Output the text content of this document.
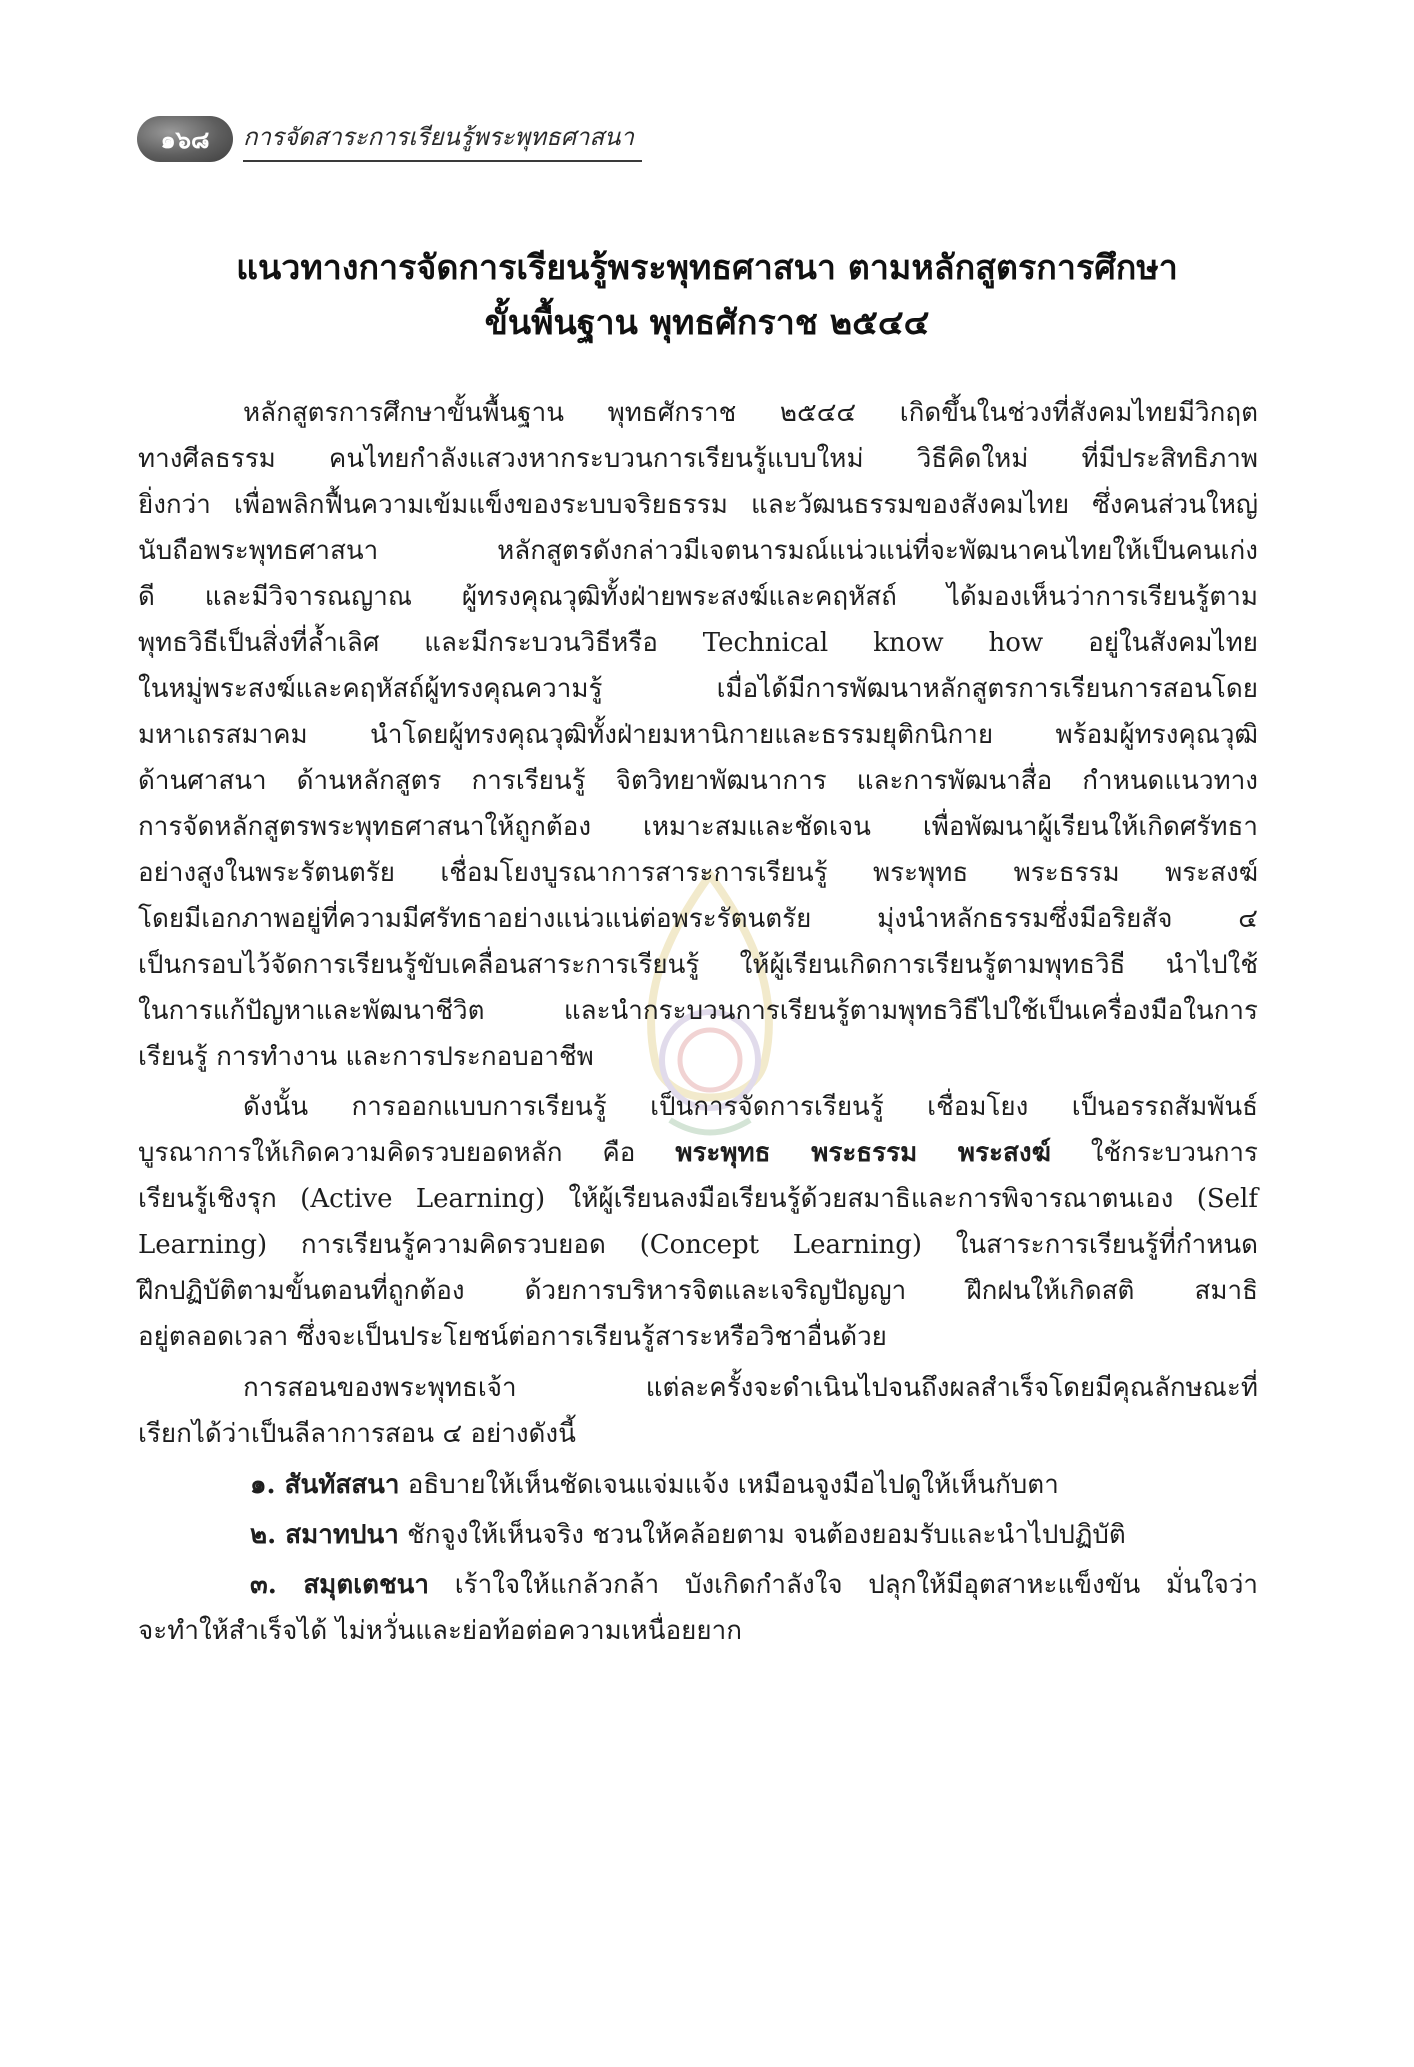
๑๖๘	การจัดสาระการเรียนรู้พระพุทธศาสนา
แนวทางการจัดการเรียนรู้พระพุทธศาสนา ตามหลักสูตรการศึกษา
ขั้นพื้นฐาน พุทธศักราช ๒๕๔๔
หลักสูตรการศึกษาขั้นพื้นฐาน พุทธศักราช ๒๕๔๔ เกิดขึ้นในช่วงที่สังคมไทยมีวิกฤต
ทางศีลธรรม คนไทยกำลังแสวงหากระบวนการเรียนรู้แบบใหม่ วิธีคิดใหม่ ที่มีประสิทธิภาพ
ยิ่งกว่า เพื่อพลิกฟื้นความเข้มแข็งของระบบจริยธรรม และวัฒนธรรมของสังคมไทย ซึ่งคนส่วนใหญ่
นับถือพระพุทธศาสนา หลักสูตรดังกล่าวมีเจตนารมณ์แน่วแน่ที่จะพัฒนาคนไทยให้เป็นคนเก่ง
ดี และมีวิจารณญาณ ผู้ทรงคุณวุฒิทั้งฝ่ายพระสงฆ์และคฤหัสถ์ ได้มองเห็นว่าการเรียนรู้ตาม
พุทธวิธีเป็นสิ่งที่ล้ำเลิศ และมีกระบวนวิธีหรือ Technical know how อยู่ในสังคมไทย
ในหมู่พระสงฆ์และคฤหัสถ์ผู้ทรงคุณความรู้ เมื่อได้มีการพัฒนาหลักสูตรการเรียนการสอนโดย
มหาเถรสมาคม นำโดยผู้ทรงคุณวุฒิทั้งฝ่ายมหานิกายและธรรมยุติกนิกาย พร้อมผู้ทรงคุณวุฒิ
ด้านศาสนา ด้านหลักสูตร การเรียนรู้ จิตวิทยาพัฒนาการ และการพัฒนาสื่อ กำหนดแนวทาง
การจัดหลักสูตรพระพุทธศาสนาให้ถูกต้อง เหมาะสมและชัดเจน เพื่อพัฒนาผู้เรียนให้เกิดศรัทธา
อย่างสูงในพระรัตนตรัย เชื่อมโยงบูรณาการสาระการเรียนรู้ พระพุทธ พระธรรม พระสงฆ์
โดยมีเอกภาพอยู่ที่ความมีศรัทธาอย่างแน่วแน่ต่อพระรัตนตรัย มุ่งนำหลักธรรมซึ่งมีอริยสัจ ๔
เป็นกรอบไว้จัดการเรียนรู้ขับเคลื่อนสาระการเรียนรู้ ให้ผู้เรียนเกิดการเรียนรู้ตามพุทธวิธี นำไปใช้
ในการแก้ปัญหาและพัฒนาชีวิต และนำกระบวนการเรียนรู้ตามพุทธวิธีไปใช้เป็นเครื่องมือในการ
เรียนรู้ การทำงาน และการประกอบอาชีพ
ดังนั้น การออกแบบการเรียนรู้ เป็นการจัดการเรียนรู้ เชื่อมโยง เป็นอรรถสัมพันธ์
บูรณาการให้เกิดความคิดรวบยอดหลัก คือ พระพุทธ พระธรรม พระสงฆ์ ใช้กระบวนการ
เรียนรู้เชิงรุก (Active Learning) ให้ผู้เรียนลงมือเรียนรู้ด้วยสมาธิและการพิจารณาตนเอง (Self
Learning) การเรียนรู้ความคิดรวบยอด (Concept Learning) ในสาระการเรียนรู้ที่กำหนด
ฝึกปฏิบัติตามขั้นตอนที่ถูกต้อง ด้วยการบริหารจิตและเจริญปัญญา ฝึกฝนให้เกิดสติ สมาธิ
อยู่ตลอดเวลา ซึ่งจะเป็นประโยชน์ต่อการเรียนรู้สาระหรือวิชาอื่นด้วย
การสอนของพระพุทธเจ้า แต่ละครั้งจะดำเนินไปจนถึงผลสำเร็จโดยมีคุณลักษณะที่
เรียกได้ว่าเป็นลีลาการสอน ๔ อย่างดังนี้
๑. สันทัสสนา อธิบายให้เห็นชัดเจนแจ่มแจ้ง เหมือนจูงมือไปดูให้เห็นกับตา
๒. สมาทปนา ชักจูงให้เห็นจริง ชวนให้คล้อยตาม จนต้องยอมรับและนำไปปฏิบัติ
๓. สมุตเตชนา เร้าใจให้แกล้วกล้า บังเกิดกำลังใจ ปลุกให้มีอุตสาหะแข็งขัน มั่นใจว่า
จะทำให้สำเร็จได้ ไม่หวั่นและย่อท้อต่อความเหนื่อยยาก
